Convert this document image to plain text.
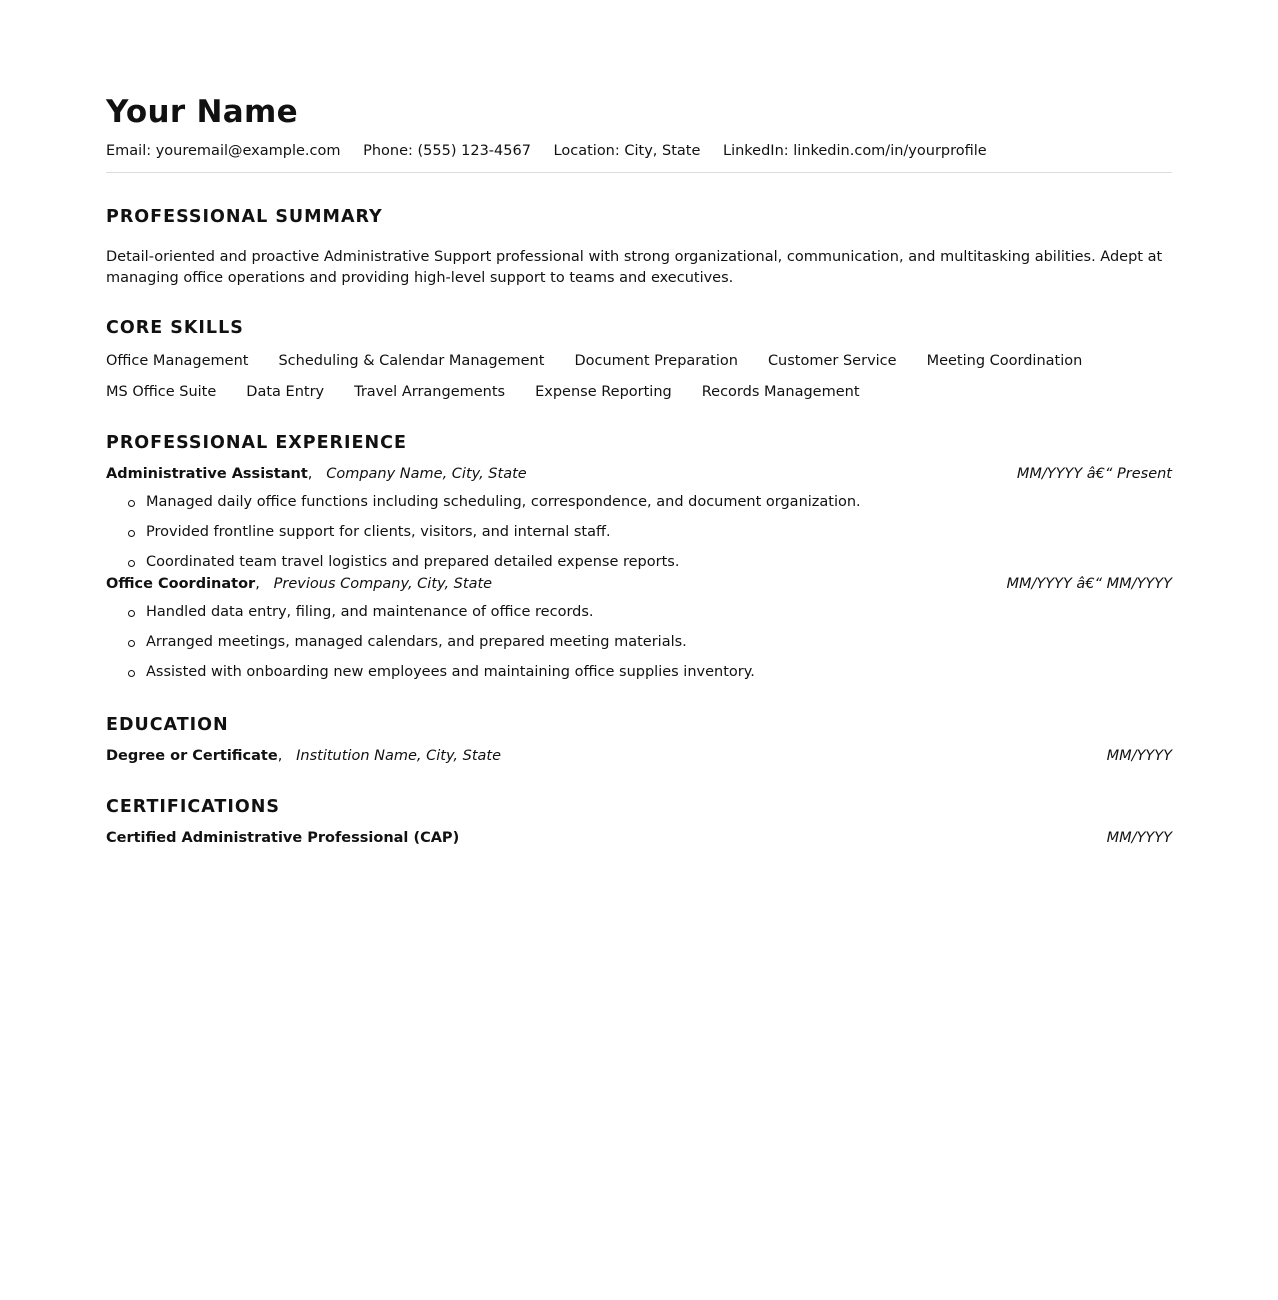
Your Name
Email: youremail@example.com Phone: (555) 123-4567 Location: City, State LinkedIn: linkedin.com/in/yourprofile
PROFESSIONAL SUMMARY

Detail-oriented and proactive Administrative Support professional with strong organizational, communication, and multitasking abilities. Adept at managing office operations and providing high-level support to teams and executives.

CORE SKILLS
Office Management Scheduling & Calendar Management Document Preparation Customer Service Meeting Coordination
MS Office Suite Data Entry Travel Arrangements Expense Reporting Records Management
PROFESSIONAL EXPERIENCE
Administrative Assistant,   Company Name, City, State	MM/YYYY â€“ Present
Managed daily office functions including scheduling, correspondence, and document organization.
Provided frontline support for clients, visitors, and internal staff.
Coordinated team travel logistics and prepared detailed expense reports.
Office Coordinator,   Previous Company, City, State	MM/YYYY â€“ MM/YYYY
Handled data entry, filing, and maintenance of office records.
Arranged meetings, managed calendars, and prepared meeting materials.
Assisted with onboarding new employees and maintaining office supplies inventory.
EDUCATION
Degree or Certificate,   Institution Name, City, State	MM/YYYY
CERTIFICATIONS
Certified Administrative Professional (CAP)	MM/YYYY
